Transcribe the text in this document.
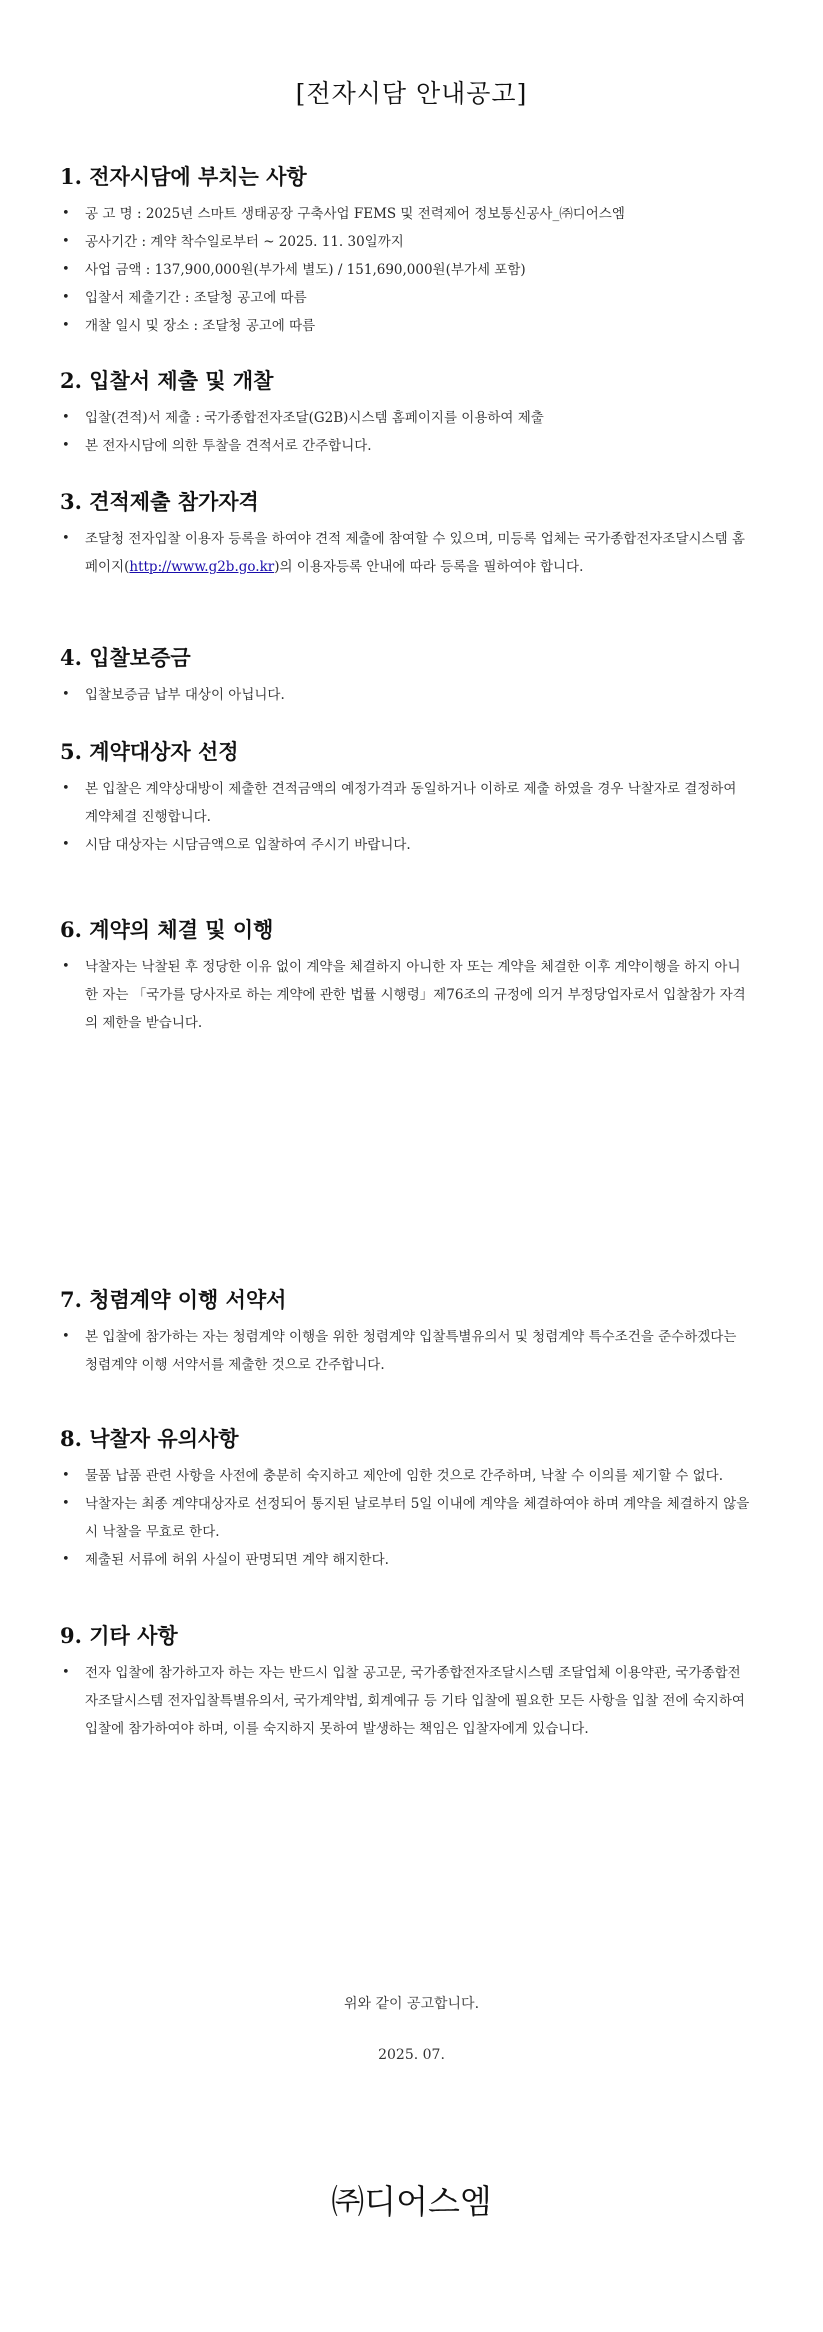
[전자시담 안내공고]
1. 전자시담에 부치는 사항
• 공 고 명 : 2025년 스마트 생태공장 구축사업 FEMS 및 전력제어 정보통신공사_㈜디어스엠
• 공사기간 : 계약 착수일로부터 ~ 2025. 11. 30일까지
• 사업 금액 : 137,900,000원(부가세 별도) / 151,690,000원(부가세 포함)
• 입찰서 제출기간 : 조달청 공고에 따름
• 개찰 일시 및 장소 : 조달청 공고에 따름
2. 입찰서 제출 및 개찰
• 입찰(견적)서 제출 : 국가종합전자조달(G2B)시스템 홈페이지를 이용하여 제출
• 본 전자시담에 의한 투찰을 견적서로 간주합니다.
3. 견적제출 참가자격
• 조달청 전자입찰 이용자 등록을 하여야 견적 제출에 참여할 수 있으며, 미등록 업체는 국가종합전자조달시스템 홈페이지(http://www.g2b.go.kr)의 이용자등록 안내에 따라 등록을 필하여야 합니다.
4. 입찰보증금
• 입찰보증금 납부 대상이 아닙니다.
5. 계약대상자 선정
• 본 입찰은 계약상대방이 제출한 견적금액의 예정가격과 동일하거나 이하로 제출 하였을 경우 낙찰자로 결정하여 계약체결 진행합니다.
• 시담 대상자는 시담금액으로 입찰하여 주시기 바랍니다.
6. 계약의 체결 및 이행
• 낙찰자는 낙찰된 후 정당한 이유 없이 계약을 체결하지 아니한 자 또는 계약을 체결한 이후 계약이행을 하지 아니한 자는 「국가를 당사자로 하는 계약에 관한 법률 시행령」제76조의 규정에 의거 부정당업자로서 입찰참가 자격의 제한을 받습니다.
7. 청렴계약 이행 서약서
• 본 입찰에 참가하는 자는 청렴계약 이행을 위한 청렴계약 입찰특별유의서 및 청렴계약 특수조건을 준수하겠다는 청렴계약 이행 서약서를 제출한 것으로 간주합니다.
8. 낙찰자 유의사항
• 물품 납품 관련 사항을 사전에 충분히 숙지하고 제안에 임한 것으로 간주하며, 낙찰 수 이의를 제기할 수 없다.
• 낙찰자는 최종 계약대상자로 선정되어 통지된 날로부터 5일 이내에 계약을 체결하여야 하며 계약을 체결하지 않을 시 낙찰을 무효로 한다.
• 제출된 서류에 허위 사실이 판명되면 계약 해지한다.
9. 기타 사항
• 전자 입찰에 참가하고자 하는 자는 반드시 입찰 공고문, 국가종합전자조달시스템 조달업체 이용약관, 국가종합전자조달시스템 전자입찰특별유의서, 국가계약법, 회계예규 등 기타 입찰에 필요한 모든 사항을 입찰 전에 숙지하여 입찰에 참가하여야 하며, 이를 숙지하지 못하여 발생하는 책임은 입찰자에게 있습니다.
위와 같이 공고합니다.
2025. 07.
㈜디어스엠
